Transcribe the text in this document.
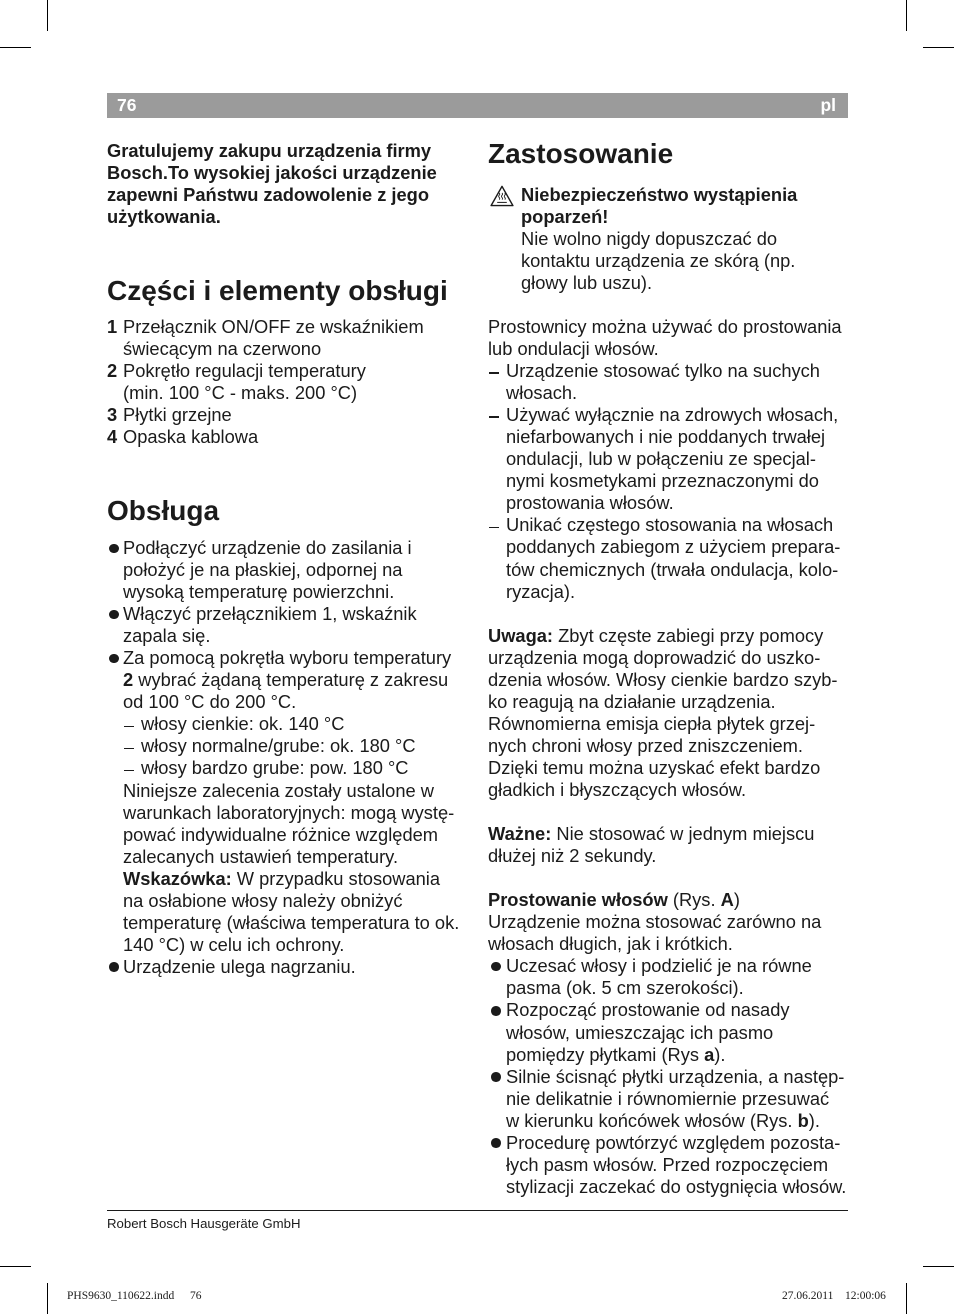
76	pl
Gratulujemy zakupu urządzenia firmy
Bosch.To wysokiej jakości urządzenie
zapewni Państwu zadowolenie z jego
użytkowania.
Części i elementy obsługi
1 Przełącznik ON/OFF ze wskaźnikiem
świecącym na czerwono
2 Pokrętło regulacji temperatury
(min. 100 °C - maks. 200 °C)
3 Płytki grzejne
4 Opaska kablowa
Obsługa
Podłączyć urządzenie do zasilania i
położyć je na płaskiej, odpornej na
wysoką temperaturę powierzchni.
Włączyć przełącznikiem 1, wskaźnik
zapala się.
Za pomocą pokrętła wyboru temperatury
2 wybrać żądaną temperaturę z zakresu
od 100 °C do 200 °C.
włosy cienkie: ok. 140 °C
włosy normalne/grube: ok. 180 °C
włosy bardzo grube: pow. 180 °C
Niniejsze zalecenia zostały ustalone w
warunkach laboratoryjnych: mogą wystę-
pować indywidualne różnice względem
zalecanych ustawień temperatury.
Wskazówka: W przypadku stosowania
na osłabione włosy należy obniżyć
temperaturę (właściwa temperatura to ok.
140 °C) w celu ich ochrony.
Urządzenie ulega nagrzaniu.
Zastosowanie
Niebezpieczeństwo wystąpienia
poparzeń!
Nie wolno nigdy dopuszczać do
kontaktu urządzenia ze skórą (np.
głowy lub uszu).
Prostownicy można używać do prostowania
lub ondulacji włosów.
Urządzenie stosować tylko na suchych
włosach.
Używać wyłącznie na zdrowych włosach,
niefarbowanych i nie poddanych trwałej
ondulacji, lub w połączeniu ze specjal-
nymi kosmetykami przeznaczonymi do
prostowania włosów.
Unikać częstego stosowania na włosach
poddanych zabiegom z użyciem prepara-
tów chemicznych (trwała ondulacja, kolo-
ryzacja).
Uwaga: Zbyt częste zabiegi przy pomocy
urządzenia mogą doprowadzić do uszko-
dzenia włosów. Włosy cienkie bardzo szyb-
ko reagują na działanie urządzenia.
Równomierna emisja ciepła płytek grzej-
nych chroni włosy przed zniszczeniem.
Dzięki temu można uzyskać efekt bardzo
gładkich i błyszczących włosów.
Ważne: Nie stosować w jednym miejscu
dłużej niż 2 sekundy.
Prostowanie włosów (Rys. A)
Urządzenie można stosować zarówno na
włosach długich, jak i krótkich.
Uczesać włosy i podzielić je na równe
pasma (ok. 5 cm szerokości).
Rozpocząć prostowanie od nasady
włosów, umieszczając ich pasmo
pomiędzy płytkami (Rys a).
Silnie ścisnąć płytki urządzenia, a następ-
nie delikatnie i równomiernie przesuwać
w kierunku końcówek włosów (Rys. b).
Procedurę powtórzyć względem pozosta-
łych pasm włosów. Przed rozpoczęciem
stylizacji zaczekać do ostygnięcia włosów.
Robert Bosch Hausgeräte GmbH
PHS9630_110622.indd 76	27.06.2011 12:00:06
